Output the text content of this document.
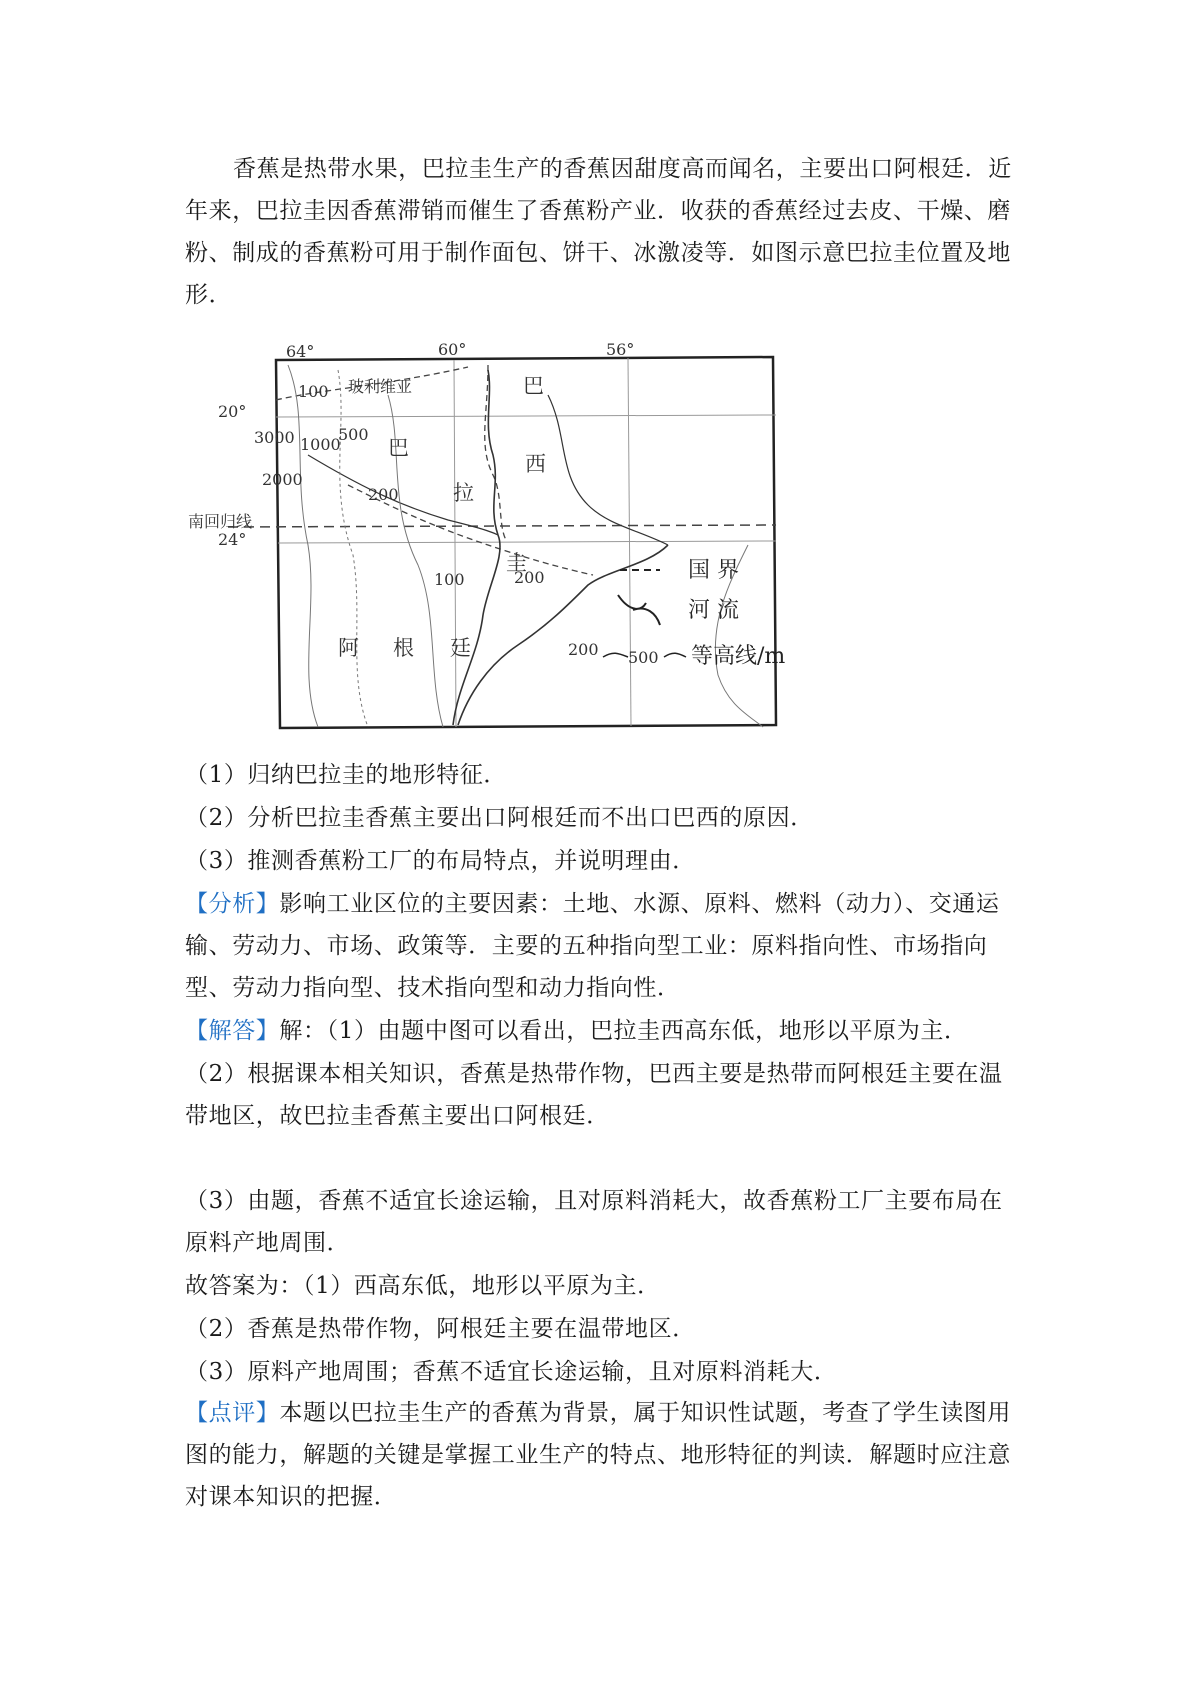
香蕉是热带水果，巴拉圭生产的香蕉因甜度高而闻名，主要出口阿根廷．近年来，巴拉圭因香蕉滞销而催生了香蕉粉产业．收获的香蕉经过去皮、干燥、磨粉、制成的香蕉粉可用于制作面包、饼干、冰激凌等．如图示意巴拉圭位置及地形．
64°	60°	56°
20°
南回归线
24°
3000
2000
1000
500
200
100	200
100
200
玻利维亚	巴
西
巴
拉
圭
阿 根 廷
国 界
河 流
500 等高线/m
（1）归纳巴拉圭的地形特征．
（2）分析巴拉圭香蕉主要出口阿根廷而不出口巴西的原因．
（3）推测香蕉粉工厂的布局特点，并说明理由．
【分析】影响工业区位的主要因素：土地、水源、原料、燃料（动力）、交通运输、劳动力、市场、政策等．主要的五种指向型工业：原料指向性、市场指向型、劳动力指向型、技术指向型和动力指向性．
【解答】解：（1）由题中图可以看出，巴拉圭西高东低，地形以平原为主．
（2）根据课本相关知识，香蕉是热带作物，巴西主要是热带而阿根廷主要在温带地区，故巴拉圭香蕉主要出口阿根廷．
（3）由题，香蕉不适宜长途运输，且对原料消耗大，故香蕉粉工厂主要布局在原料产地周围．
故答案为：（1）西高东低，地形以平原为主．
（2）香蕉是热带作物，阿根廷主要在温带地区．
（3）原料产地周围；香蕉不适宜长途运输，且对原料消耗大．
【点评】本题以巴拉圭生产的香蕉为背景，属于知识性试题，考查了学生读图用图的能力，解题的关键是掌握工业生产的特点、地形特征的判读．解题时应注意对课本知识的把握．
